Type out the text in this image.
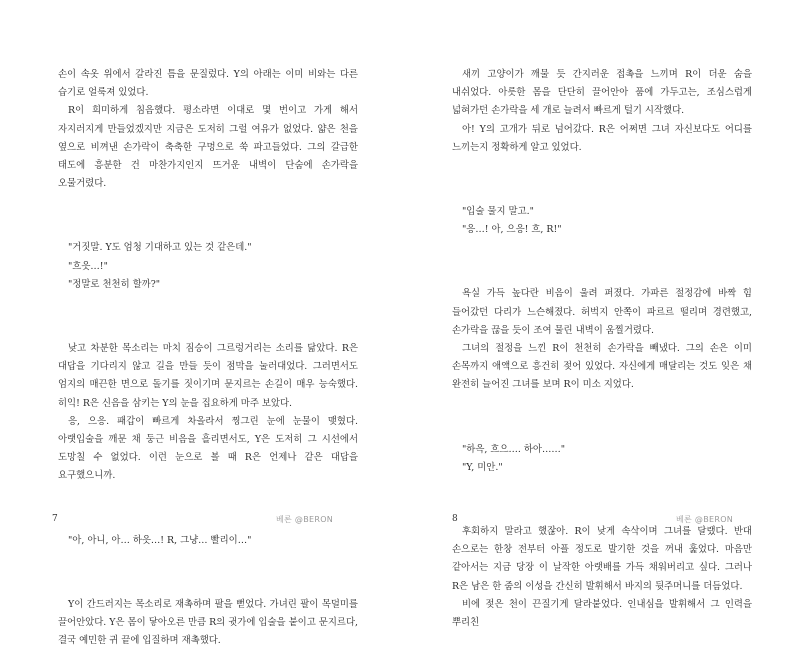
손이 속옷 위에서 갈라진 틈을 문질렀다. Y의 아래는 이미 비와는 다른 습기로 얼룩져 있었다.

R이 희미하게 침음했다. 평소라면 이대로 몇 번이고 가게 해서 자지러지게 만들었겠지만 지금은 도저히 그럴 여유가 없었다. 얇은 천을 옆으로 비껴낸 손가락이 축축한 구멍으로 쑥 파고들었다. 그의 갈급한 태도에 흥분한 건 마찬가지인지 뜨거운 내벽이 단숨에 손가락을 오물거렸다.

"거짓말. Y도 엄청 기대하고 있는 것 같은데."

"흐읏…!"

"정말로 천천히 할까?"

낮고 차분한 목소리는 마치 짐승이 그르렁거리는 소리를 닮았다. R은 대답을 기다리지 않고 길을 만들 듯이 점막을 눌러대었다. 그러면서도 엄지의 매끈한 면으로 돌기를 짓이기며 문지르는 손길이 매우 능숙했다. 히익! R은 신음을 삼키는 Y의 눈을 집요하게 마주 보았다.

응, 으응. 패갑이 빠르게 차올라서 찡그린 눈에 눈물이 맺혔다. 아랫입술을 깨문 채 둥근 비음을 흘리면서도, Y은 도저히 그 시선에서 도망칠 수 없었다. 이런 눈으로 볼 때 R은 언제나 같은 대답을 요구했으니까.

"아, 아니, 아… 하읏…! R, 그냥… 빨리이…"

Y이 간드러지는 목소리로 재촉하며 팔을 뻗었다. 가녀린 팔이 목덜미를 끌어안았다. Y은 몸이 닿아오른 만큼 R의 귓가에 입술을 붙이고 문지르다, 결국 예민한 귀 끝에 입질하며 재촉했다.

7	베론 @BERON

새끼 고양이가 깨물 듯 간지러운 접촉을 느끼며 R이 더운 숨을 내쉬었다. 아릇한 몸을 단단히 끌어안아 품에 가두고는, 조심스럽게 넓혀가던 손가락을 세 개로 늘려서 빠르게 털기 시작했다.

아! Y의 고개가 뒤로 넘어갔다. R은 어쩌면 그녀 자신보다도 어디를 느끼는지 정확하게 알고 있었다.

"입술 물지 말고."

"응…! 아, 으응! 흐, R!"

욕실 가득 높다란 비음이 울려 퍼졌다. 가파른 절정감에 바짝 힘 들어갔던 다리가 느슨해졌다. 허벅지 안쪽이 파르르 떨리며 경련했고, 손가락을 끊을 듯이 조여 물린 내벽이 움찔거렸다.

그녀의 절정을 느낀 R이 천천히 손가락을 빼냈다. 그의 손은 이미 손목까지 애액으로 흥건히 젖어 있었다. 자신에게 매달리는 것도 잊은 채 완전히 늘어진 그녀를 보며 R이 미소 지었다.

"하윽, 흐으…. 하아……"

"Y, 미안."

후회하지 말라고 했잖아. R이 낮게 속삭이며 그녀를 달랬다. 반대 손으로는 한창 전부터 아플 정도로 발기한 것을 꺼내 훑었다. 마음만 같아서는 지금 당장 이 날작한 아랫배를 가득 채워버리고 싶다. 그러나 R은 남은 한 줌의 이성을 간신히 발휘해서 바지의 뒷주머니를 더듬었다.

비에 젖은 천이 끈질기게 달라붙었다. 인내심을 발휘해서 그 인력을 뿌리친

8	베론 @BERON
